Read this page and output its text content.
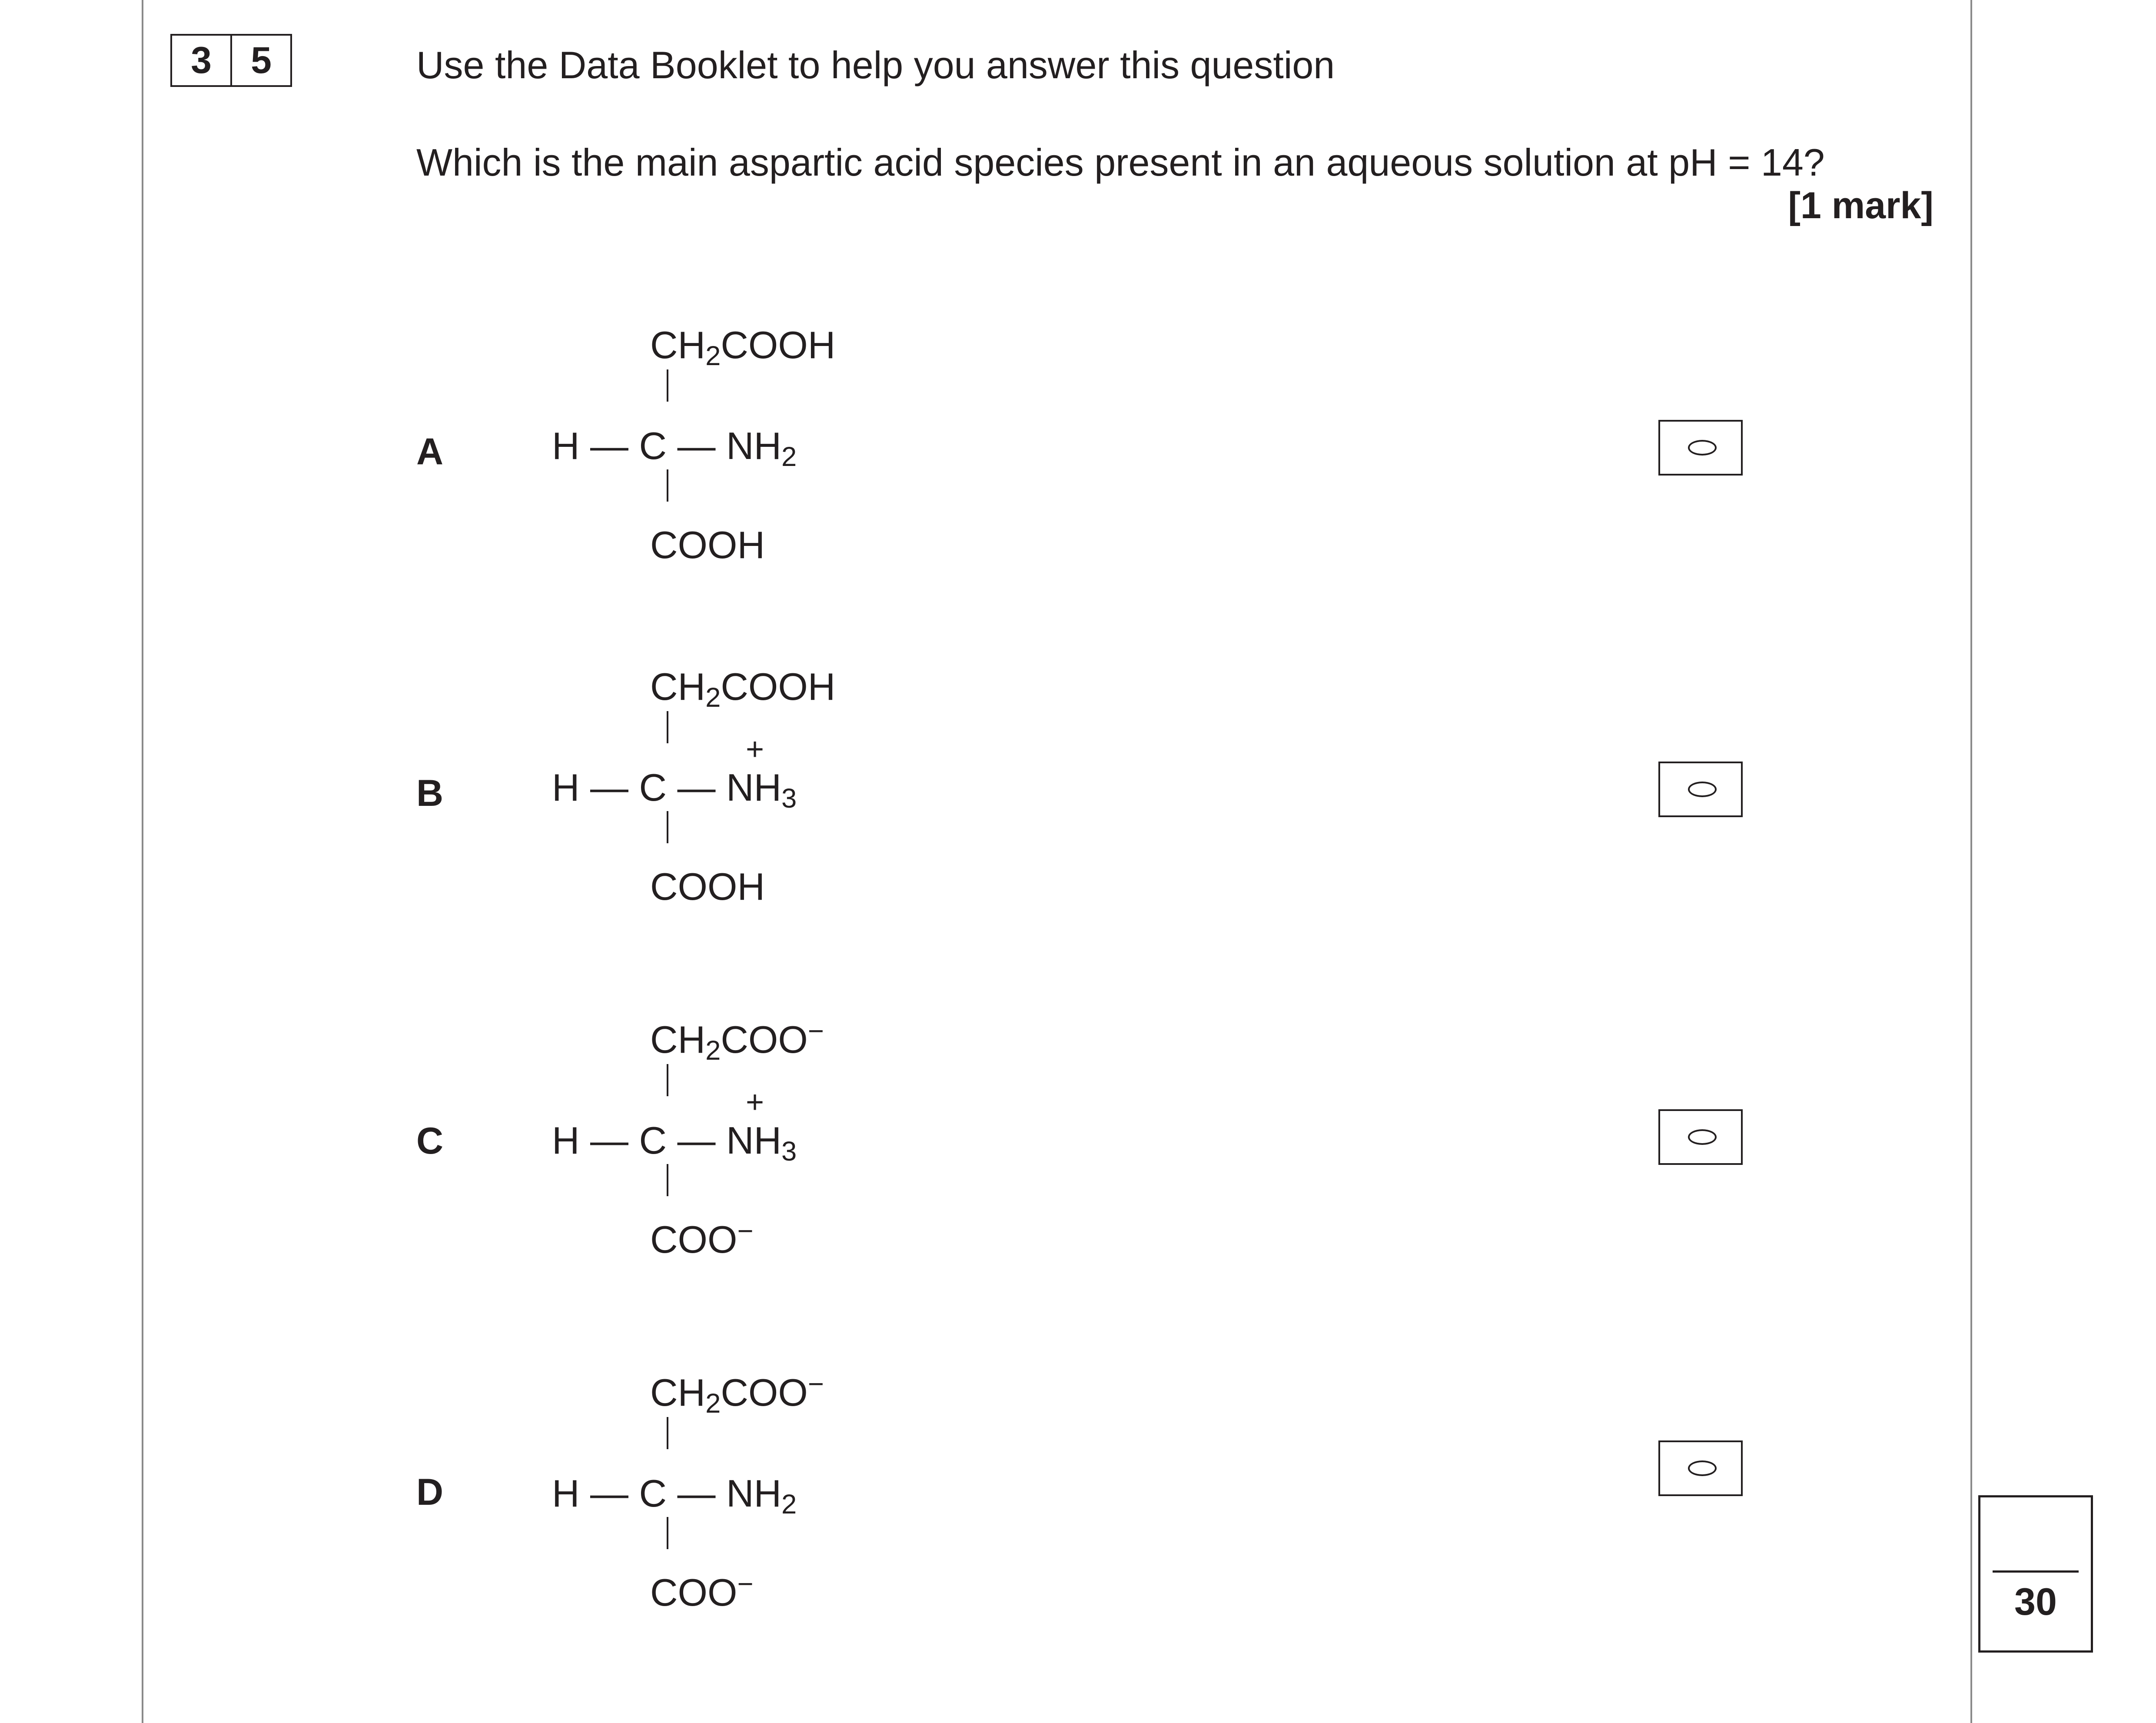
3	5	Use the Data Booklet to help you answer this question
Which is the main aspartic acid species present in an aqueous solution at pH = 14?
[1 mark]
A
$CH_2COOH$
H — C — $NH_2$
COOH
B
$CH_2COOH$
H — C — $NH_3$
+
COOH
C
$CH_2COO^-$
H — C — $NH_3$
+
COO−
D
$CH_2COO^-$
H — C — $NH_2$
COO−	30
